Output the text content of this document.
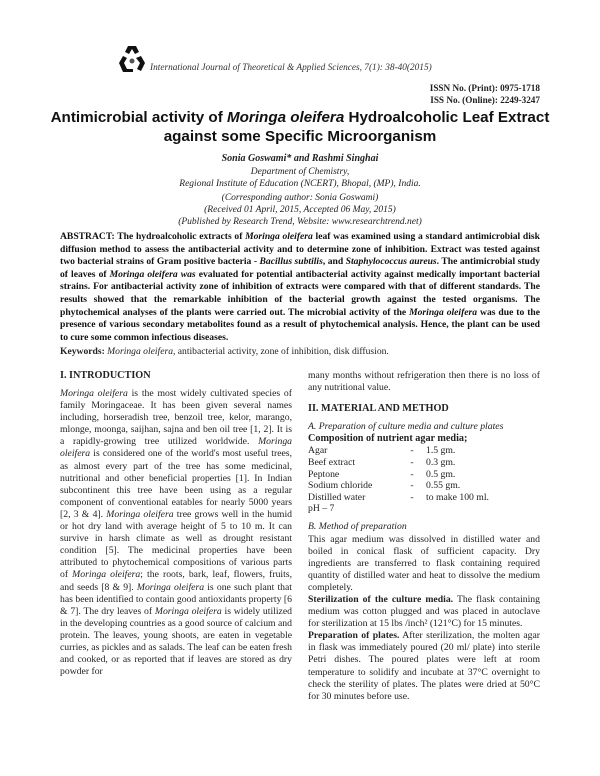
International Journal of Theoretical & Applied Sciences, 7(1): 38-40(2015)
ISSN No. (Print): 0975-1718
ISS No. (Online): 2249-3247
Antimicrobial activity of Moringa oleifera Hydroalcoholic Leaf Extract against some Specific Microorganism
Sonia Goswami* and Rashmi Singhai
Department of Chemistry,
Regional Institute of Education (NCERT), Bhopal, (MP), India.
(Corresponding author: Sonia Goswami)
(Received 01 April, 2015, Accepted 06 May, 2015)
(Published by Research Trend, Website: www.researchtrend.net)
ABSTRACT: The hydroalcoholic extracts of Moringa oleifera leaf was examined using a standard antimicrobial disk diffusion method to assess the antibacterial activity and to determine zone of inhibition. Extract was tested against two bacterial strains of Gram positive bacteria - Bacillus subtilis, and Staphylococcus aureus. The antimicrobial study of leaves of Moringa oleifera was evaluated for potential antibacterial activity against medically important bacterial strains. For antibacterial activity zone of inhibition of extracts were compared with that of different standards. The results showed that the remarkable inhibition of the bacterial growth against the tested organisms. The phytochemical analyses of the plants were carried out. The microbial activity of the Moringa oleifera was due to the presence of various secondary metabolites found as a result of phytochemical analysis. Hence, the plant can be used to cure some common infectious diseases.
Keywords: Moringa oleifera, antibacterial activity, zone of inhibition, disk diffusion.
I. INTRODUCTION

Moringa oleifera is the most widely cultivated species of family Moringaceae. It has been given several names including, horseradish tree, benzoil tree, kelor, marango, mlonge, moonga, saijhan, sajna and ben oil tree [1, 2]. It is a rapidly-growing tree utilized worldwide. Moringa oleifera is considered one of the world's most useful trees, as almost every part of the tree has some medicinal, nutritional and other beneficial properties [1]. In Indian subcontinent this tree have been using as a regular component of conventional eatables for nearly 5000 years [2, 3 & 4]. Moringa oleifera tree grows well in the humid or hot dry land with average height of 5 to 10 m. It can survive in harsh climate as well as drought resistant condition [5]. The medicinal properties have been attributed to phytochemical compositions of various parts of Moringa oleifera; the roots, bark, leaf, flowers, fruits, and seeds [8 & 9]. Moringa oleifera is one such plant that has been identified to contain good antioxidants property [6 & 7]. The dry leaves of Moringa oleifera is widely utilized in the developing countries as a good source of calcium and protein. The leaves, young shoots, are eaten in vegetable curries, as pickles and as salads. The leaf can be eaten fresh and cooked, or as reported that if leaves are stored as dry powder for

many months without refrigeration then there is no loss of any nutritional value.

II. MATERIAL AND METHOD

A. Preparation of culture media and culture plates

Composition of nutrient agar media;
Agar	-	1.5 gm.
Beef extract	-	0.3 gm.
Peptone	-	0.5 gm.
Sodium chloride	-	0.55 gm.
Distilled water	-	to make 100 ml.

pH – 7

B. Method of preparation

This agar medium was dissolved in distilled water and boiled in conical flask of sufficient capacity. Dry ingredients are transferred to flask containing required quantity of distilled water and heat to dissolve the medium completely.

Sterilization of the culture media. The flask containing medium was cotton plugged and was placed in autoclave for sterilization at 15 lbs /inch² (121°C) for 15 minutes.

Preparation of plates. After sterilization, the molten agar in flask was immediately poured (20 ml/ plate) into sterile Petri dishes. The poured plates were left at room temperature to solidify and incubate at 37°C overnight to check the sterility of plates. The plates were dried at 50°C for 30 minutes before use.
